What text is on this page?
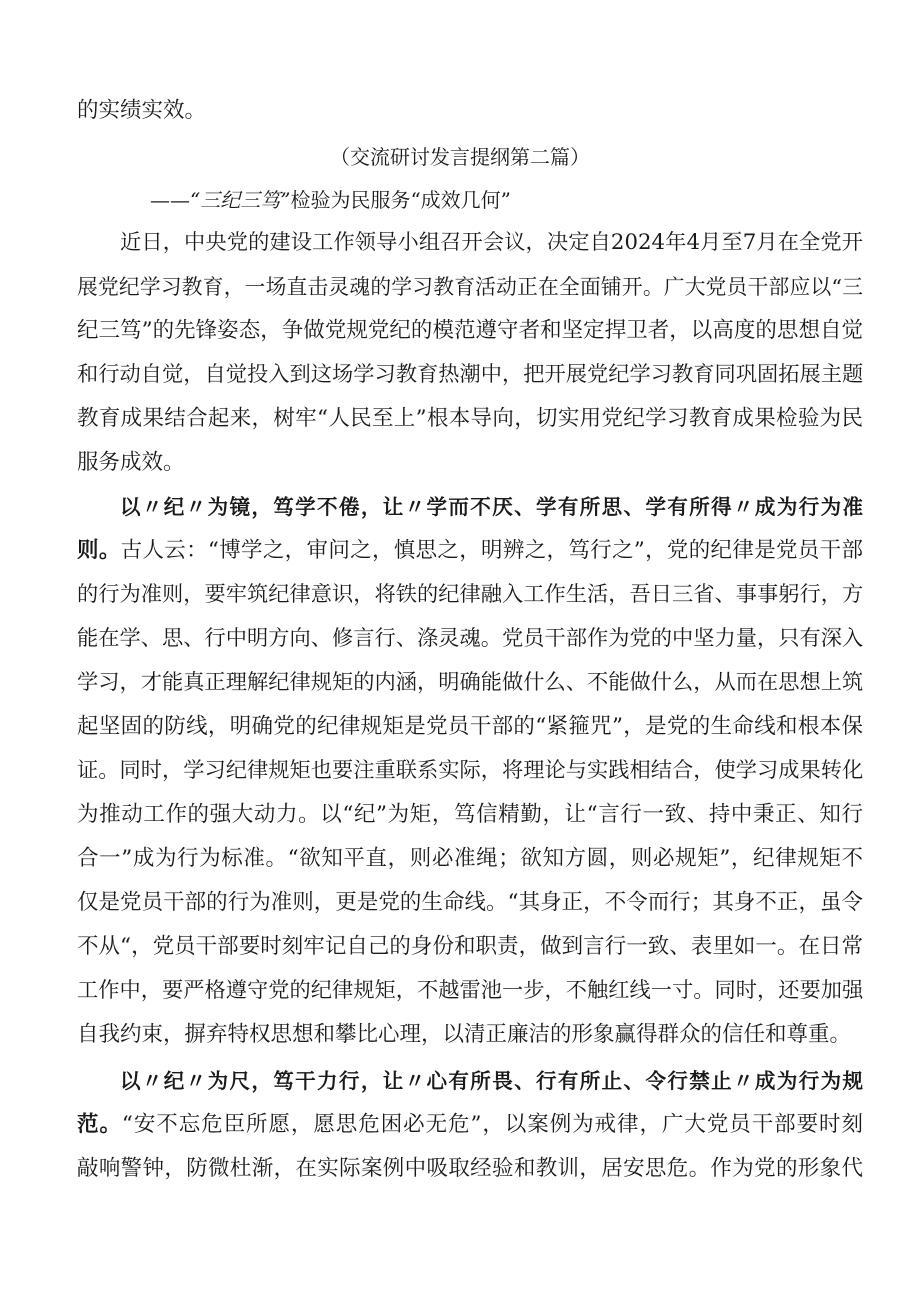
的实绩实效。
（交流研讨发言提纲第二篇）
——“三纪三笃”检验为民服务“成效几何”
近日，中央党的建设工作领导小组召开会议，决定自2024年4月至7月在全党开
展党纪学习教育，一场直击灵魂的学习教育活动正在全面铺开。广大党员干部应以“三
纪三笃”的先锋姿态，争做党规党纪的模范遵守者和坚定捍卫者，以高度的思想自觉
和行动自觉，自觉投入到这场学习教育热潮中，把开展党纪学习教育同巩固拓展主题
教育成果结合起来，树牢“人民至上”根本导向，切实用党纪学习教育成果检验为民
服务成效。
以〃纪〃为镜，笃学不倦，让〃学而不厌、学有所思、学有所得〃成为行为准
则。古人云：“博学之，审问之，慎思之，明辨之，笃行之”，党的纪律是党员干部
的行为准则，要牢筑纪律意识，将铁的纪律融入工作生活，吾日三省、事事躬行，方
能在学、思、行中明方向、修言行、涤灵魂。党员干部作为党的中坚力量，只有深入
学习，才能真正理解纪律规矩的内涵，明确能做什么、不能做什么，从而在思想上筑
起坚固的防线，明确党的纪律规矩是党员干部的“紧箍咒”，是党的生命线和根本保
证。同时，学习纪律规矩也要注重联系实际，将理论与实践相结合，使学习成果转化
为推动工作的强大动力。以“纪”为矩，笃信精勤，让“言行一致、持中秉正、知行
合一”成为行为标准。“欲知平直，则必准绳；欲知方圆，则必规矩”，纪律规矩不
仅是党员干部的行为准则，更是党的生命线。“其身正，不令而行；其身不正，虽令
不从“，党员干部要时刻牢记自己的身份和职责，做到言行一致、表里如一。在日常
工作中，要严格遵守党的纪律规矩，不越雷池一步，不触红线一寸。同时，还要加强
自我约束，摒弃特权思想和攀比心理，以清正廉洁的形象赢得群众的信任和尊重。
以〃纪〃为尺，笃干力行，让〃心有所畏、行有所止、令行禁止〃成为行为规
范。“安不忘危臣所愿，愿思危困必无危”，以案例为戒律，广大党员干部要时刻
敲响警钟，防微杜渐，在实际案例中吸取经验和教训，居安思危。作为党的形象代
